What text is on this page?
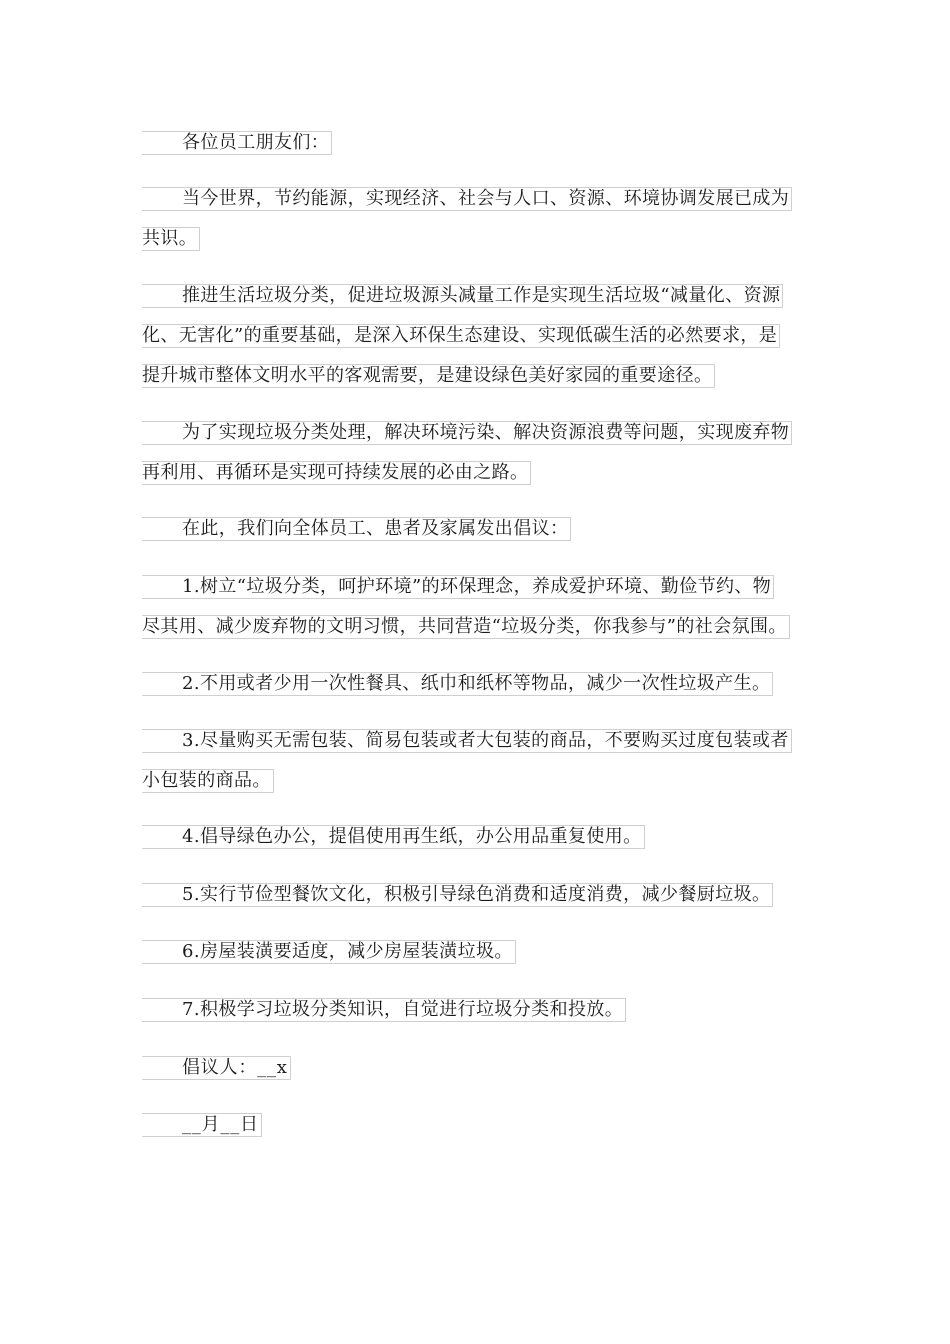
各位员工朋友们：
当今世界，节约能源，实现经济、社会与人口、资源、环境协调发展已成为
共识。
推进生活垃圾分类，促进垃圾源头减量工作是实现生活垃圾“减量化、资源
化、无害化”的重要基础，是深入环保生态建设、实现低碳生活的必然要求，是
提升城市整体文明水平的客观需要，是建设绿色美好家园的重要途径。
为了实现垃圾分类处理，解决环境污染、解决资源浪费等问题，实现废弃物
再利用、再循环是实现可持续发展的必由之路。
在此，我们向全体员工、患者及家属发出倡议：
1.树立“垃圾分类，呵护环境”的环保理念，养成爱护环境、勤俭节约、物
尽其用、减少废弃物的文明习惯，共同营造“垃圾分类，你我参与”的社会氛围。
2.不用或者少用一次性餐具、纸巾和纸杯等物品，减少一次性垃圾产生。
3.尽量购买无需包装、简易包装或者大包装的商品，不要购买过度包装或者
小包装的商品。
4.倡导绿色办公，提倡使用再生纸，办公用品重复使用。
5.实行节俭型餐饮文化，积极引导绿色消费和适度消费，减少餐厨垃圾。
6.房屋装潢要适度，减少房屋装潢垃圾。
7.积极学习垃圾分类知识，自觉进行垃圾分类和投放。
倡议人：__x
__月__日
